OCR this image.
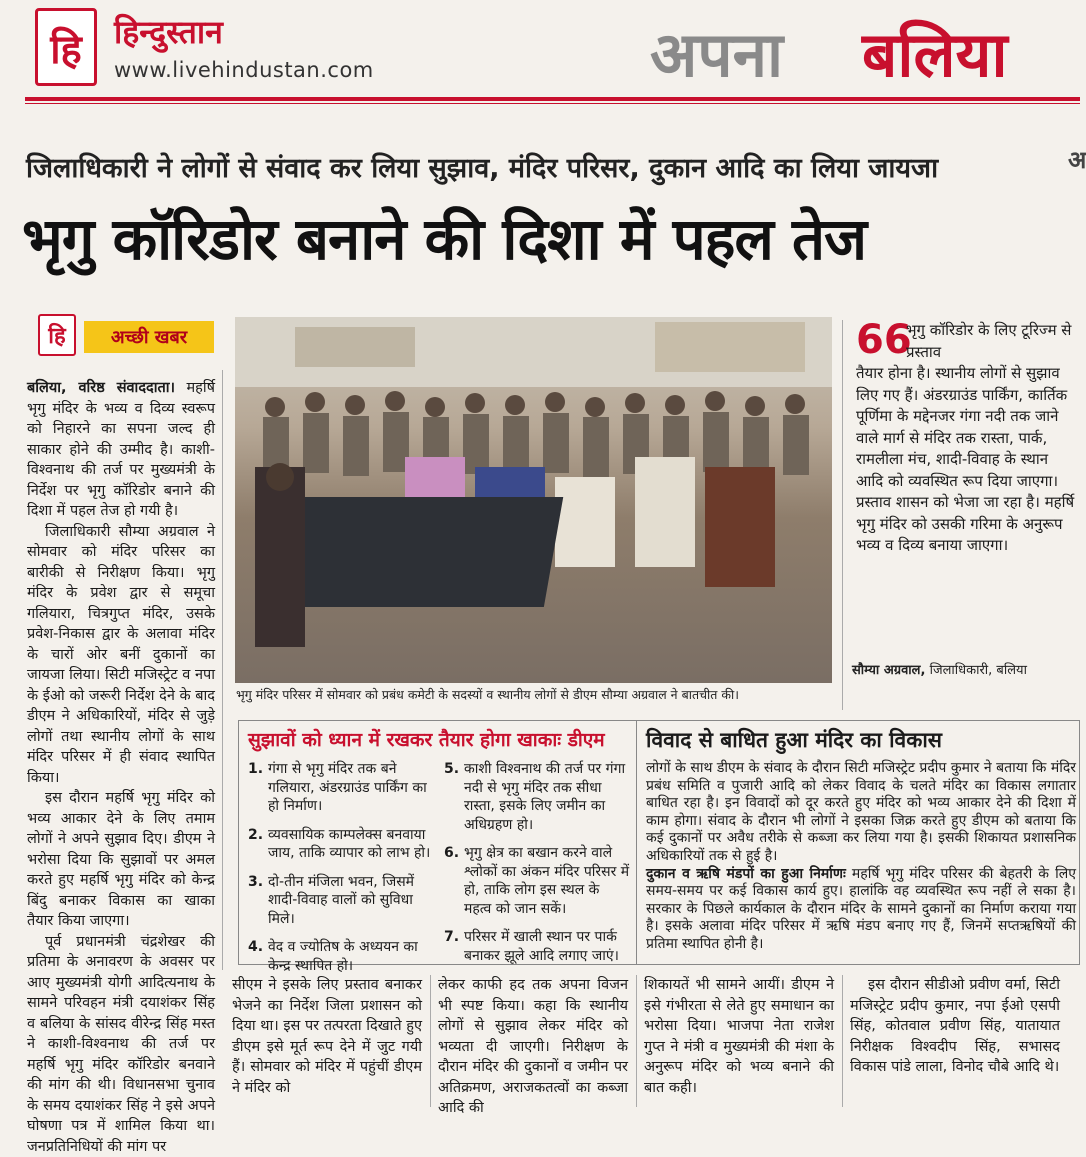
हि हिन्दुस्तान
www.livehindustan.com	अपना बलिया
जिलाधिकारी ने लोगों से संवाद कर लिया सुझाव, मंदिर परिसर, दुकान आदि का लिया जायजा
भृगु कॉरिडोर बनाने की दिशा में पहल तेज
अ
हि	अच्छी खबर

बलिया, वरिष्ठ संवाददाता। महर्षि भृगु मंदिर के भव्य व दिव्य स्वरूप को निहारने का सपना जल्द ही साकार होने की उम्मीद है। काशी-विश्वनाथ की तर्ज पर मुख्यमंत्री के निर्देश पर भृगु कॉरिडोर बनाने की दिशा में पहल तेज हो गयी है।

जिलाधिकारी सौम्या अग्रवाल ने सोमवार को मंदिर परिसर का बारीकी से निरीक्षण किया। भृगु मंदिर के प्रवेश द्वार से समूचा गलियारा, चित्रगुप्त मंदिर, उसके प्रवेश-निकास द्वार के अलावा मंदिर के चारों ओर बनीं दुकानों का जायजा लिया। सिटी मजिस्ट्रेट व नपा के ईओ को जरूरी निर्देश देने के बाद डीएम ने अधिकारियों, मंदिर से जुड़े लोगों तथा स्थानीय लोगों के साथ मंदिर परिसर में ही संवाद स्थापित किया।

इस दौरान महर्षि भृगु मंदिर को भव्य आकार देने के लिए तमाम लोगों ने अपने सुझाव दिए। डीएम ने भरोसा दिया कि सुझावों पर अमल करते हुए महर्षि भृगु मंदिर को केन्द्र बिंदु बनाकर विकास का खाका तैयार किया जाएगा।

पूर्व प्रधानमंत्री चंद्रशेखर की प्रतिमा के अनावरण के अवसर पर आए मुख्यमंत्री योगी आदित्यनाथ के सामने परिवहन मंत्री दयाशंकर सिंह व बलिया के सांसद वीरेन्द्र सिंह मस्त ने काशी-विश्वनाथ की तर्ज पर महर्षि भृगु मंदिर कॉरिडोर बनवाने की मांग की थी। विधानसभा चुनाव के समय दयाशंकर सिंह ने इसे अपने घोषणा पत्र में शामिल किया था। जनप्रतिनिधियों की मांग पर

भृगु मंदिर परिसर में सोमवार को प्रबंध कमेटी के सदस्यों व स्थानीय लोगों से डीएम सौम्या अग्रवाल ने बातचीत की।
66
भृगु कॉरिडोर के लिए टूरिज्म से प्रस्ताव
तैयार होना है। स्थानीय लोगों से सुझाव लिए गए हैं। अंडरग्राउंड पार्किंग, कार्तिक पूर्णिमा के मद्देनजर गंगा नदी तक जाने वाले मार्ग से मंदिर तक रास्ता, पार्क, रामलीला मंच, शादी-विवाह के स्थान आदि को व्यवस्थित रूप दिया जाएगा। प्रस्ताव शासन को भेजा जा रहा है। महर्षि भृगु मंदिर को उसकी गरिमा के अनुरूप भव्य व दिव्य बनाया जाएगा।
सौम्या अग्रवाल, जिलाधिकारी, बलिया
सुझावों को ध्यान में रखकर तैयार होगा खाकाः डीएम
1. गंगा से भृगु मंदिर तक बने गलियारा, अंडरग्राउंड पार्किंग का हो निर्माण।
2. व्यवसायिक काम्पलेक्स बनवाया जाय, ताकि व्यापार को लाभ हो।
3. दो-तीन मंजिला भवन, जिसमें शादी-विवाह वालों को सुविधा मिले।
4. वेद व ज्योतिष के अध्ययन का केन्द्र स्थापित हो।
5. काशी विश्वनाथ की तर्ज पर गंगा नदी से भृगु मंदिर तक सीधा रास्ता, इसके लिए जमीन का अधिग्रहण हो।
6. भृगु क्षेत्र का बखान करने वाले श्लोकों का अंकन मंदिर परिसर में हो, ताकि लोग इस स्थल के महत्व को जान सकें।
7. परिसर में खाली स्थान पर पार्क बनाकर झूले आदि लगाए जाएं।
विवाद से बाधित हुआ मंदिर का विकास

लोगों के साथ डीएम के संवाद के दौरान सिटी मजिस्ट्रेट प्रदीप कुमार ने बताया कि मंदिर प्रबंध समिति व पुजारी आदि को लेकर विवाद के चलते मंदिर का विकास लगातार बाधित रहा है। इन विवादों को दूर करते हुए मंदिर को भव्य आकार देने की दिशा में काम होगा। संवाद के दौरान भी लोगों ने इसका जिक्र करते हुए डीएम को बताया कि कई दुकानों पर अवैध तरीके से कब्जा कर लिया गया है। इसकी शिकायत प्रशासनिक अधिकारियों तक से हुई है।

दुकान व ऋषि मंडपों का हुआ निर्माणः महर्षि भृगु मंदिर परिसर की बेहतरी के लिए समय-समय पर कई विकास कार्य हुए। हालांकि वह व्यवस्थित रूप नहीं ले सका है। सरकार के पिछले कार्यकाल के दौरान मंदिर के सामने दुकानों का निर्माण कराया गया है। इसके अलावा मंदिर परिसर में ऋषि मंडप बनाए गए हैं, जिनमें सप्तऋषियों की प्रतिमा स्थापित होनी है।

सीएम ने इसके लिए प्रस्ताव बनाकर भेजने का निर्देश जिला प्रशासन को दिया था। इस पर तत्परता दिखाते हुए डीएम इसे मूर्त रूप देने में जुट गयी हैं। सोमवार को मंदिर में पहुंचीं डीएम ने मंदिर को

लेकर काफी हद तक अपना विजन भी स्पष्ट किया। कहा कि स्थानीय लोगों से सुझाव लेकर मंदिर को भव्यता दी जाएगी। निरीक्षण के दौरान मंदिर की दुकानों व जमीन पर अतिक्रमण, अराजकतत्वों का कब्जा आदि की

शिकायतें भी सामने आयीं। डीएम ने इसे गंभीरता से लेते हुए समाधान का भरोसा दिया। भाजपा नेता राजेश गुप्त ने मंत्री व मुख्यमंत्री की मंशा के अनुरूप मंदिर को भव्य बनाने की बात कही।

इस दौरान सीडीओ प्रवीण वर्मा, सिटी मजिस्ट्रेट प्रदीप कुमार, नपा ईओ एसपी सिंह, कोतवाल प्रवीण सिंह, यातायात निरीक्षक विश्वदीप सिंह, सभासद विकास पांडे लाला, विनोद चौबे आदि थे।
